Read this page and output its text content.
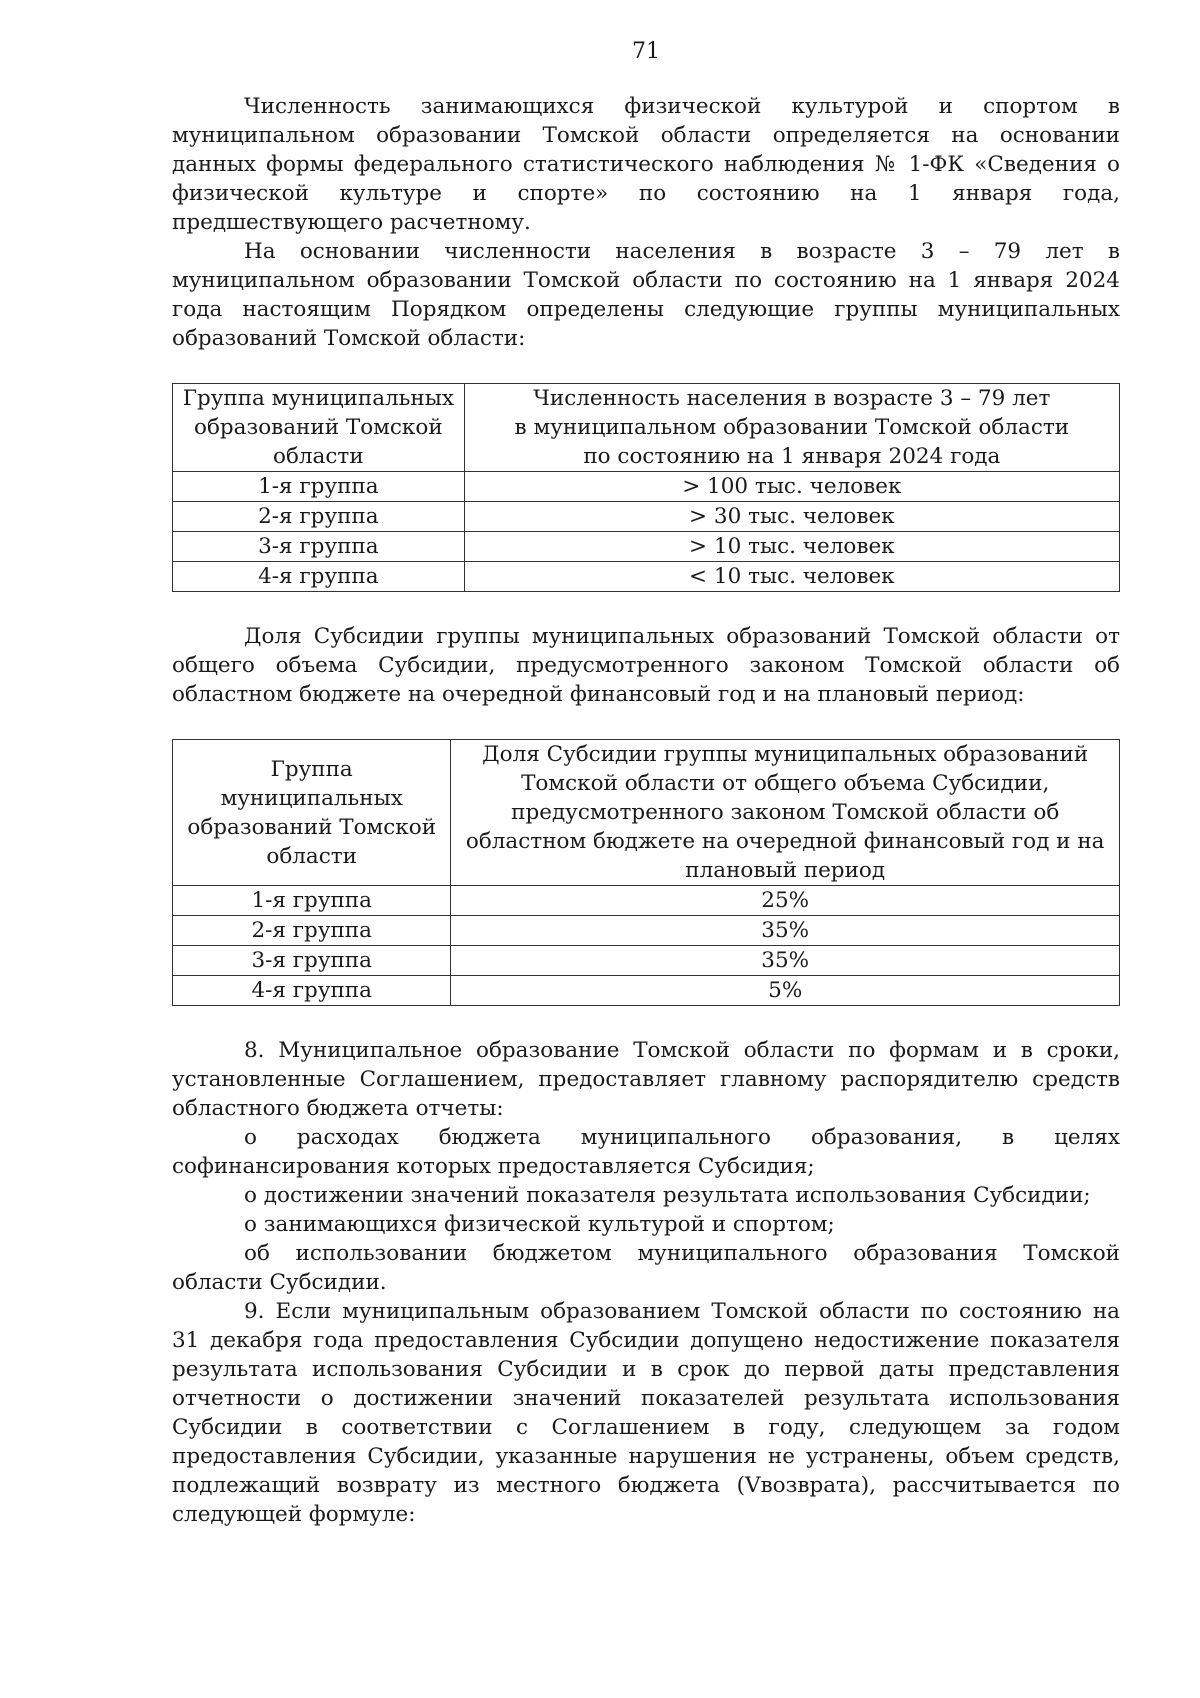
71

Численность занимающихся физической культурой и спортом в муниципальном образовании Томской области определяется на основании данных формы федерального статистического наблюдения № 1-ФК «Сведения о физической культуре и спорте» по состоянию на 1 января года, предшествующего расчетному.

На основании численности населения в возрасте 3 – 79 лет в муниципальном образовании Томской области по состоянию на 1 января 2024 года настоящим Порядком определены следующие группы муниципальных образований Томской области:

Группа муниципальных образований Томской области	Численность населения в возрасте 3 – 79 лет
в муниципальном образовании Томской области
по состоянию на 1 января 2024 года

1-я группа	> 100 тыс. человек
2-я группа	> 30 тыс. человек
3-я группа	> 10 тыс. человек
4-я группа	< 10 тыс. человек

Доля Субсидии группы муниципальных образований Томской области от общего объема Субсидии, предусмотренного законом Томской области об областном бюджете на очередной финансовый год и на плановый период:

Группа муниципальных образований Томской области	Доля Субсидии группы муниципальных образований Томской области от общего объема Субсидии, предусмотренного законом Томской области об областном бюджете на очередной финансовый год и на плановый период
1-я группа	25%
2-я группа	35%
3-я группа	35%
4-я группа	5%

8. Муниципальное образование Томской области по формам и в сроки, установленные Соглашением, предоставляет главному распорядителю средств областного бюджета отчеты:

о расходах бюджета муниципального образования, в целях софинансирования которых предоставляется Субсидия;

о достижении значений показателя результата использования Субсидии;

о занимающихся физической культурой и спортом;

об использовании бюджетом муниципального образования Томской области Субсидии.

9. Если муниципальным образованием Томской области по состоянию на 31 декабря года предоставления Субсидии допущено недостижение показателя результата использования Субсидии и в срок до первой даты представления отчетности о достижении значений показателей результата использования Субсидии в соответствии с Соглашением в году, следующем за годом предоставления Субсидии, указанные нарушения не устранены, объем средств, подлежащий возврату из местного бюджета (Vвозврата), рассчитывается по следующей формуле:
